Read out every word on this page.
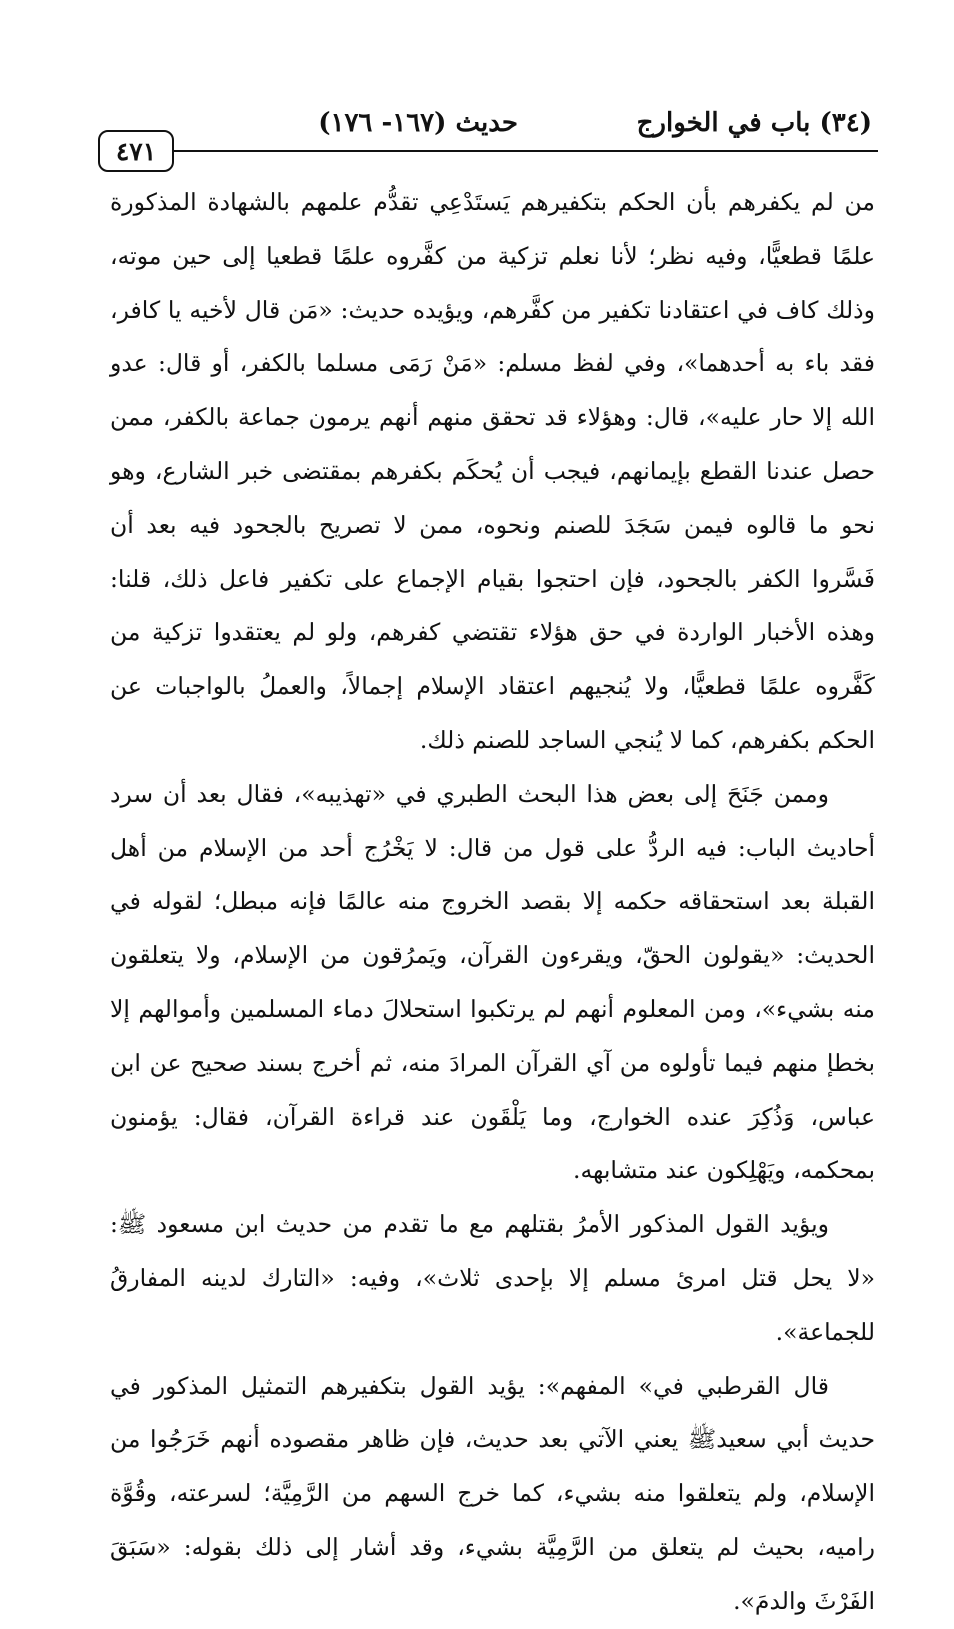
(٣٤) باب في الخوارج
حديث (١٦٧- ١٧٦)
٤٧١

من لم يكفرهم بأن الحكم بتكفيرهم يَستَدْعِي تقدُّم علمهم بالشهادة المذكورة علمًا قطعيًّا، وفيه نظر؛ لأنا نعلم تزكية من كفَّروه علمًا قطعيا إلى حين موته، وذلك كاف في اعتقادنا تكفير من كفَّرهم، ويؤيده حديث: «مَن قال لأخيه يا كافر، فقد باء به أحدهما»، وفي لفظ مسلم: «مَنْ رَمَى مسلما بالكفر، أو قال: عدو الله إلا حار عليه»، قال: وهؤلاء قد تحقق منهم أنهم يرمون جماعة بالكفر، ممن حصل عندنا القطع بإيمانهم، فيجب أن يُحكَم بكفرهم بمقتضى خبر الشارع، وهو نحو ما قالوه فيمن سَجَدَ للصنم ونحوه، ممن لا تصريح بالجحود فيه بعد أن فَسَّروا الكفر بالجحود، فإن احتجوا بقيام الإجماع على تكفير فاعل ذلك، قلنا: وهذه الأخبار الواردة في حق هؤلاء تقتضي كفرهم، ولو لم يعتقدوا تزكية من كَفَّروه علمًا قطعيًّا، ولا يُنجيهم اعتقاد الإسلام إجمالاً، والعملُ بالواجبات عن الحكم بكفرهم، كما لا يُنجي الساجد للصنم ذلك.

وممن جَنَحَ إلى بعض هذا البحث الطبري في «تهذيبه»، فقال بعد أن سرد أحاديث الباب: فيه الردُّ على قول من قال: لا يَخْرُج أحد من الإسلام من أهل القبلة بعد استحقاقه حكمه إلا بقصد الخروج منه عالمًا فإنه مبطل؛ لقوله في الحديث: «يقولون الحقّ، ويقرءون القرآن، ويَمرُقون من الإسلام، ولا يتعلقون منه بشيء»، ومن المعلوم أنهم لم يرتكبوا استحلالَ دماء المسلمين وأموالهم إلا بخطإ منهم فيما تأولوه من آي القرآن المرادَ منه، ثم أخرج بسند صحيح عن ابن عباس، وَذُكِرَ عنده الخوارج، وما يَلْقَون عند قراءة القرآن، فقال: يؤمنون بمحكمه، ويَهْلِكون عند متشابهه.

ويؤيد القول المذكور الأمرُ بقتلهم مع ما تقدم من حديث ابن مسعود ﷺ: «لا يحل قتل امرئ مسلم إلا بإحدى ثلاث»، وفيه: «التارك لدينه المفارقُ للجماعة».

قال القرطبي في» المفهم»: يؤيد القول بتكفيرهم التمثيل المذكور في حديث أبي سعيدﷺ يعني الآتي بعد حديث، فإن ظاهر مقصوده أنهم خَرَجُوا من الإسلام، ولم يتعلقوا منه بشيء، كما خرج السهم من الرَّمِيَّة؛ لسرعته، وقُوَّة راميه، بحيث لم يتعلق من الرَّمِيَّة بشيء، وقد أشار إلى ذلك بقوله: «سَبَقَ الفَرْثَ والدمَ».
